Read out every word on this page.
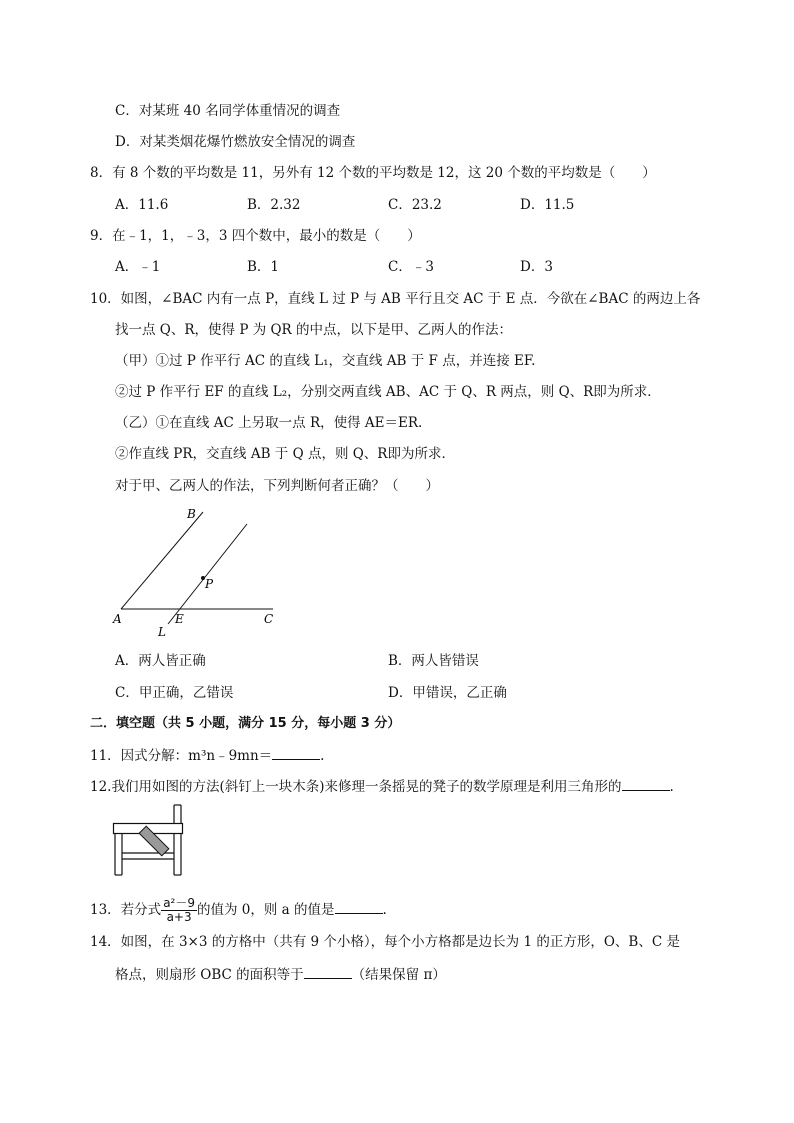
C．对某班 40 名同学体重情况的调查
D．对某类烟花爆竹燃放安全情况的调查
8．有 8 个数的平均数是 11，另外有 12 个数的平均数是 12，这 20 个数的平均数是（　　）
A．11.6	B．2.32	C．23.2	D．11.5
9．在﹣1，1，﹣3，3 四个数中，最小的数是（　　）
A．﹣1	B．1	C．﹣3	D．3
10．如图，∠BAC 内有一点 P，直线 L 过 P 与 AB 平行且交 AC 于 E 点．今欲在∠BAC 的两边上各
找一点 Q、R，使得 P 为 QR 的中点，以下是甲、乙两人的作法：
（甲）①过 P 作平行 AC 的直线 L₁，交直线 AB 于 F 点，并连接 EF.
②过 P 作平行 EF 的直线 L₂，分别交两直线 AB、AC 于 Q、R 两点，则 Q、R即为所求．
（乙）①在直线 AC 上另取一点 R，使得 AE＝ER.
②作直线 PR，交直线 AB 于 Q 点，则 Q、R即为所求．
对于甲、乙两人的作法，下列判断何者正确？（　　）
B
P
A	E	C
L
A．两人皆正确	B．两人皆错误
C．甲正确，乙错误	D．甲错误，乙正确
二．填空题（共 5 小题，满分 15 分，每小题 3 分）
11．因式分解：m³n﹣9mn＝	.
12.我们用如图的方法(斜钉上一块木条)来修理一条摇晃的凳子的数学原理是利用三角形的	.
13．若分式 $\frac{\text{a²－9}}{a+3}$ 的值为 0，则 a 的值是	.
14．如图，在 3×3 的方格中（共有 9 个小格），每个小方格都是边长为 1 的正方形，O、B、C 是
格点，则扇形 OBC 的面积等于	（结果保留 π）
